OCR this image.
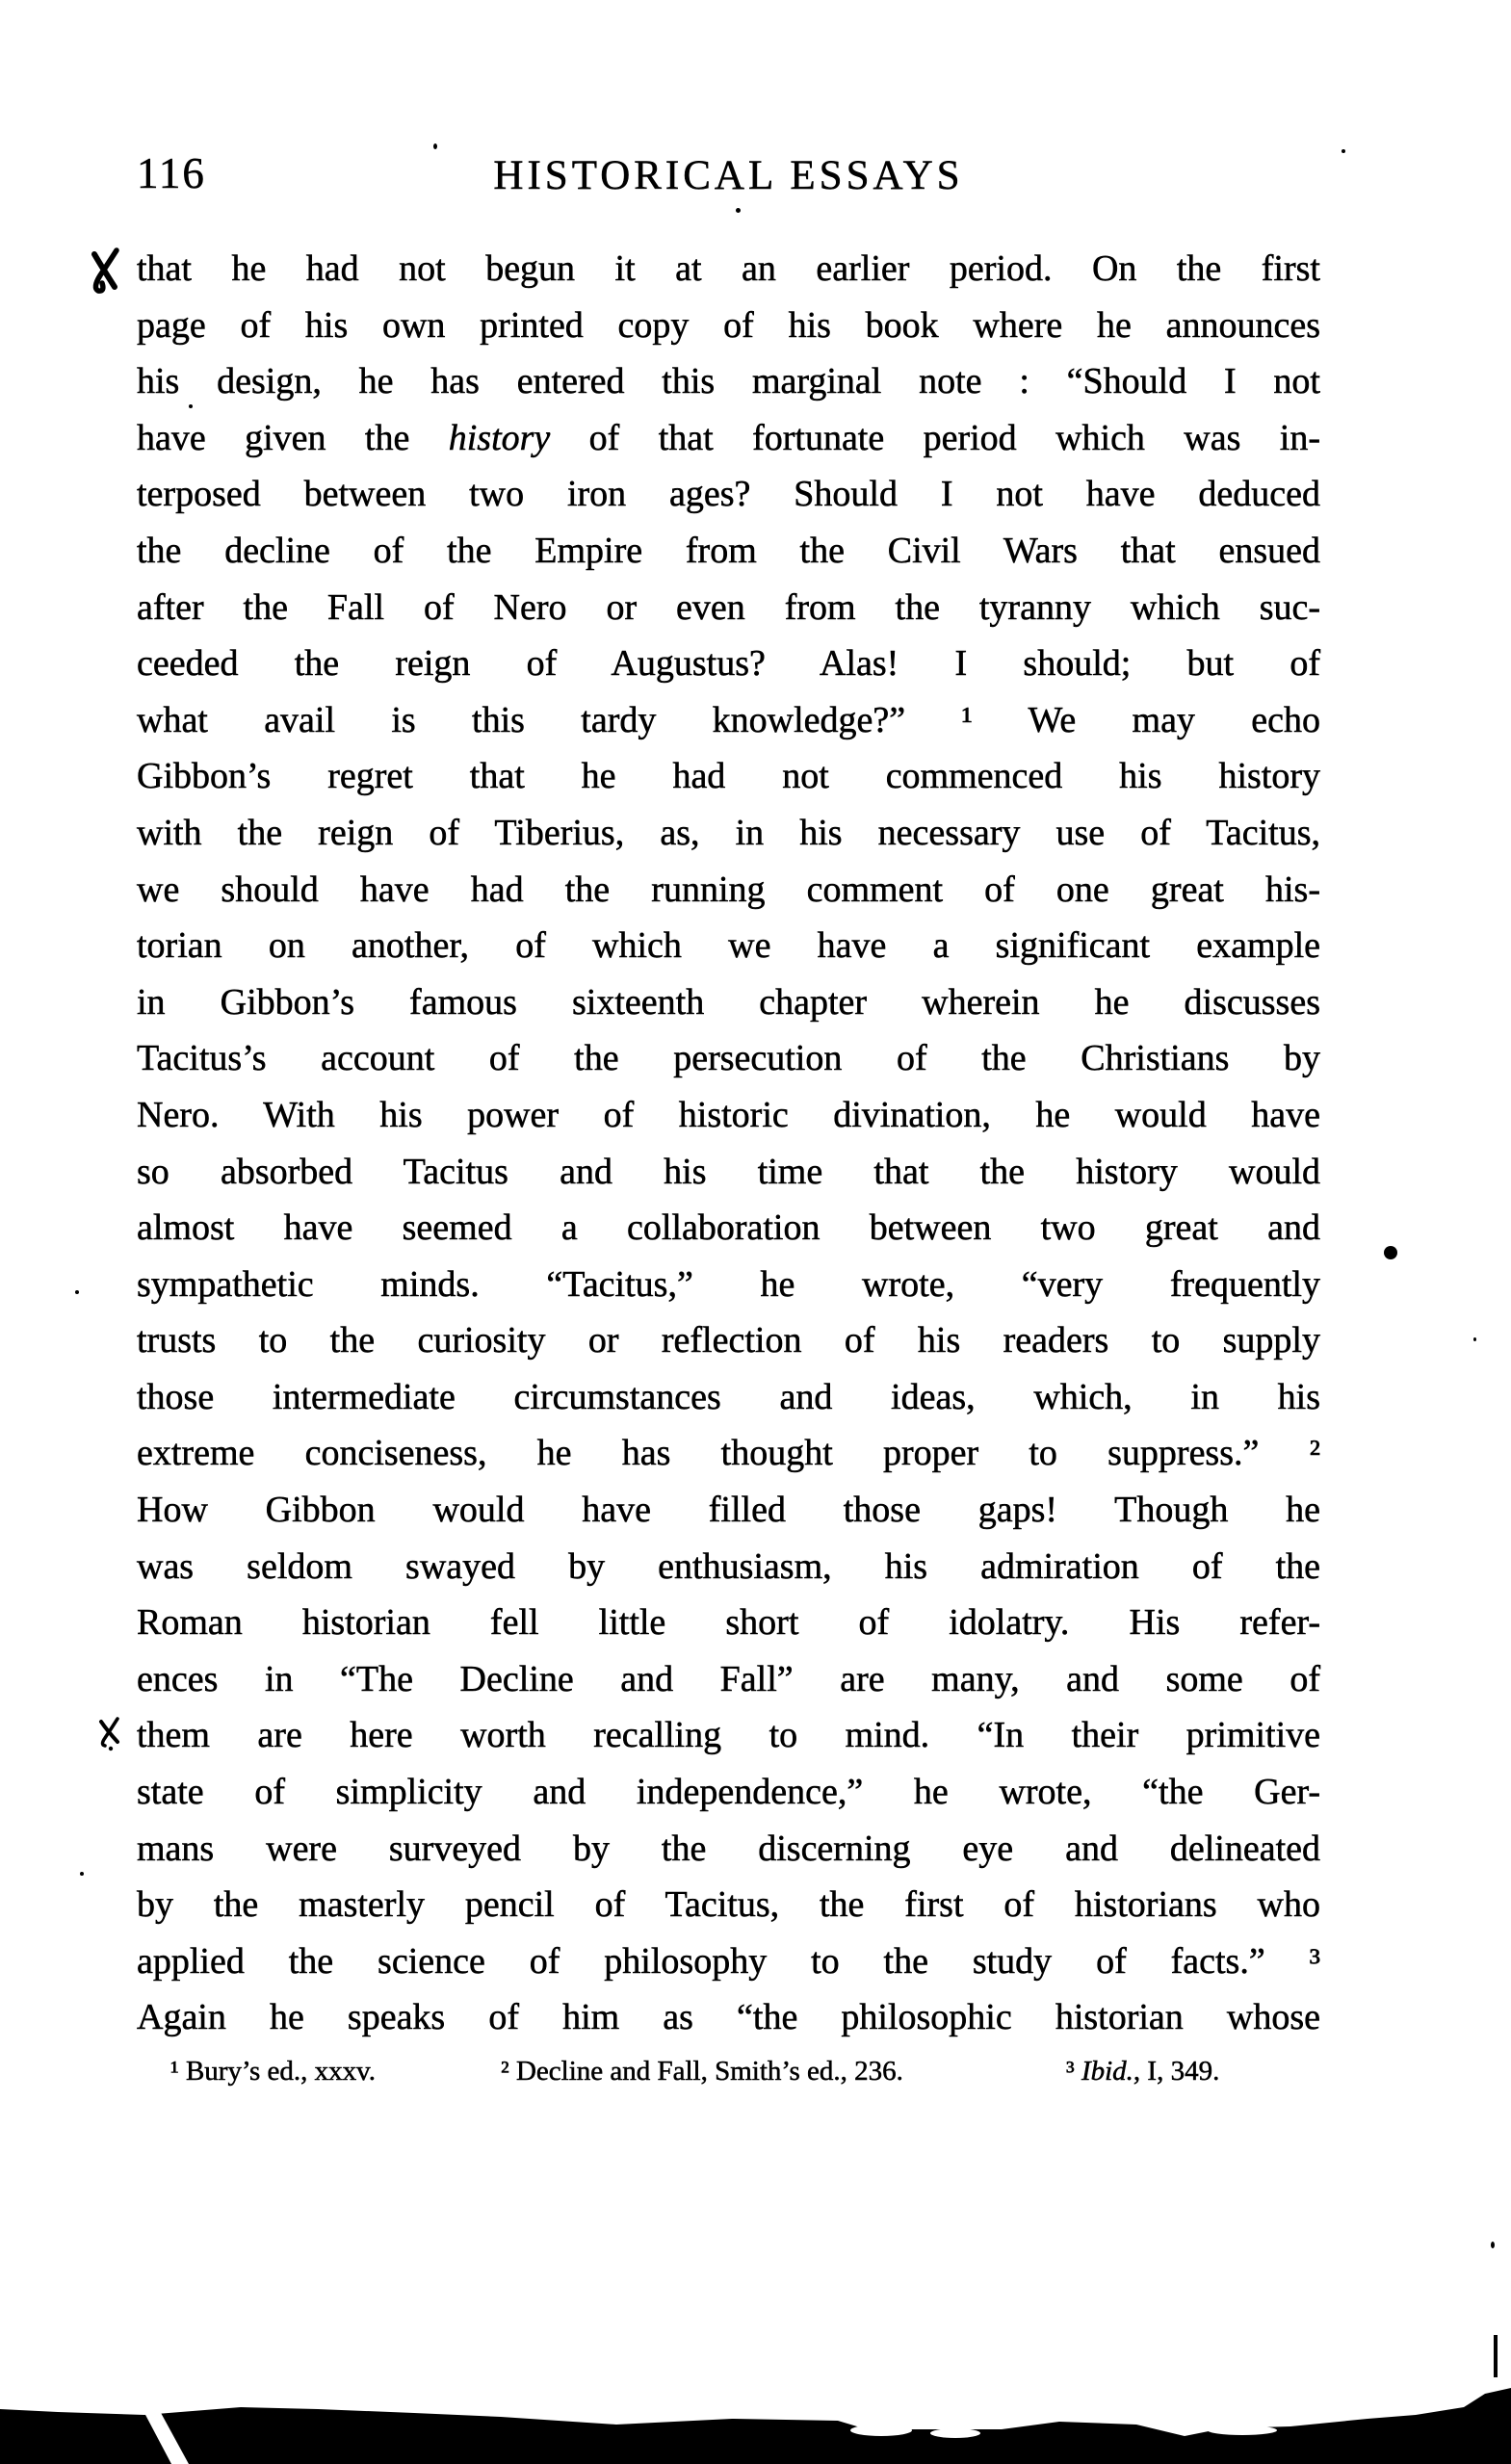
116	HISTORICAL ESSAYS
that he had not begun it at an earlier period. On the first
page of his own printed copy of his book where he announces
his design, he has entered this marginal note : “Should I not
have given the history of that fortunate period which was in-
terposed between two iron ages? Should I not have deduced
the decline of the Empire from the Civil Wars that ensued
after the Fall of Nero or even from the tyranny which suc-
ceeded the reign of Augustus? Alas! I should; but of
what avail is this tardy knowledge?” ¹ We may echo
Gibbon’s regret that he had not commenced his history
with the reign of Tiberius, as, in his necessary use of Tacitus,
we should have had the running comment of one great his-
torian on another, of which we have a significant example
in Gibbon’s famous sixteenth chapter wherein he discusses
Tacitus’s account of the persecution of the Christians by
Nero. With his power of historic divination, he would have
so absorbed Tacitus and his time that the history would
almost have seemed a collaboration between two great and
sympathetic minds. “Tacitus,” he wrote, “very frequently
trusts to the curiosity or reflection of his readers to supply
those intermediate circumstances and ideas, which, in his
extreme conciseness, he has thought proper to suppress.” ²
How Gibbon would have filled those gaps! Though he
was seldom swayed by enthusiasm, his admiration of the
Roman historian fell little short of idolatry. His refer-
ences in “The Decline and Fall” are many, and some of
them are here worth recalling to mind. “In their primitive
state of simplicity and independence,” he wrote, “the Ger-
mans were surveyed by the discerning eye and delineated
by the masterly pencil of Tacitus, the first of historians who
applied the science of philosophy to the study of facts.” ³
Again he speaks of him as “the philosophic historian whose
¹ Bury’s ed., xxxv.	² Decline and Fall, Smith’s ed., 236.	³ Ibid., I, 349.
